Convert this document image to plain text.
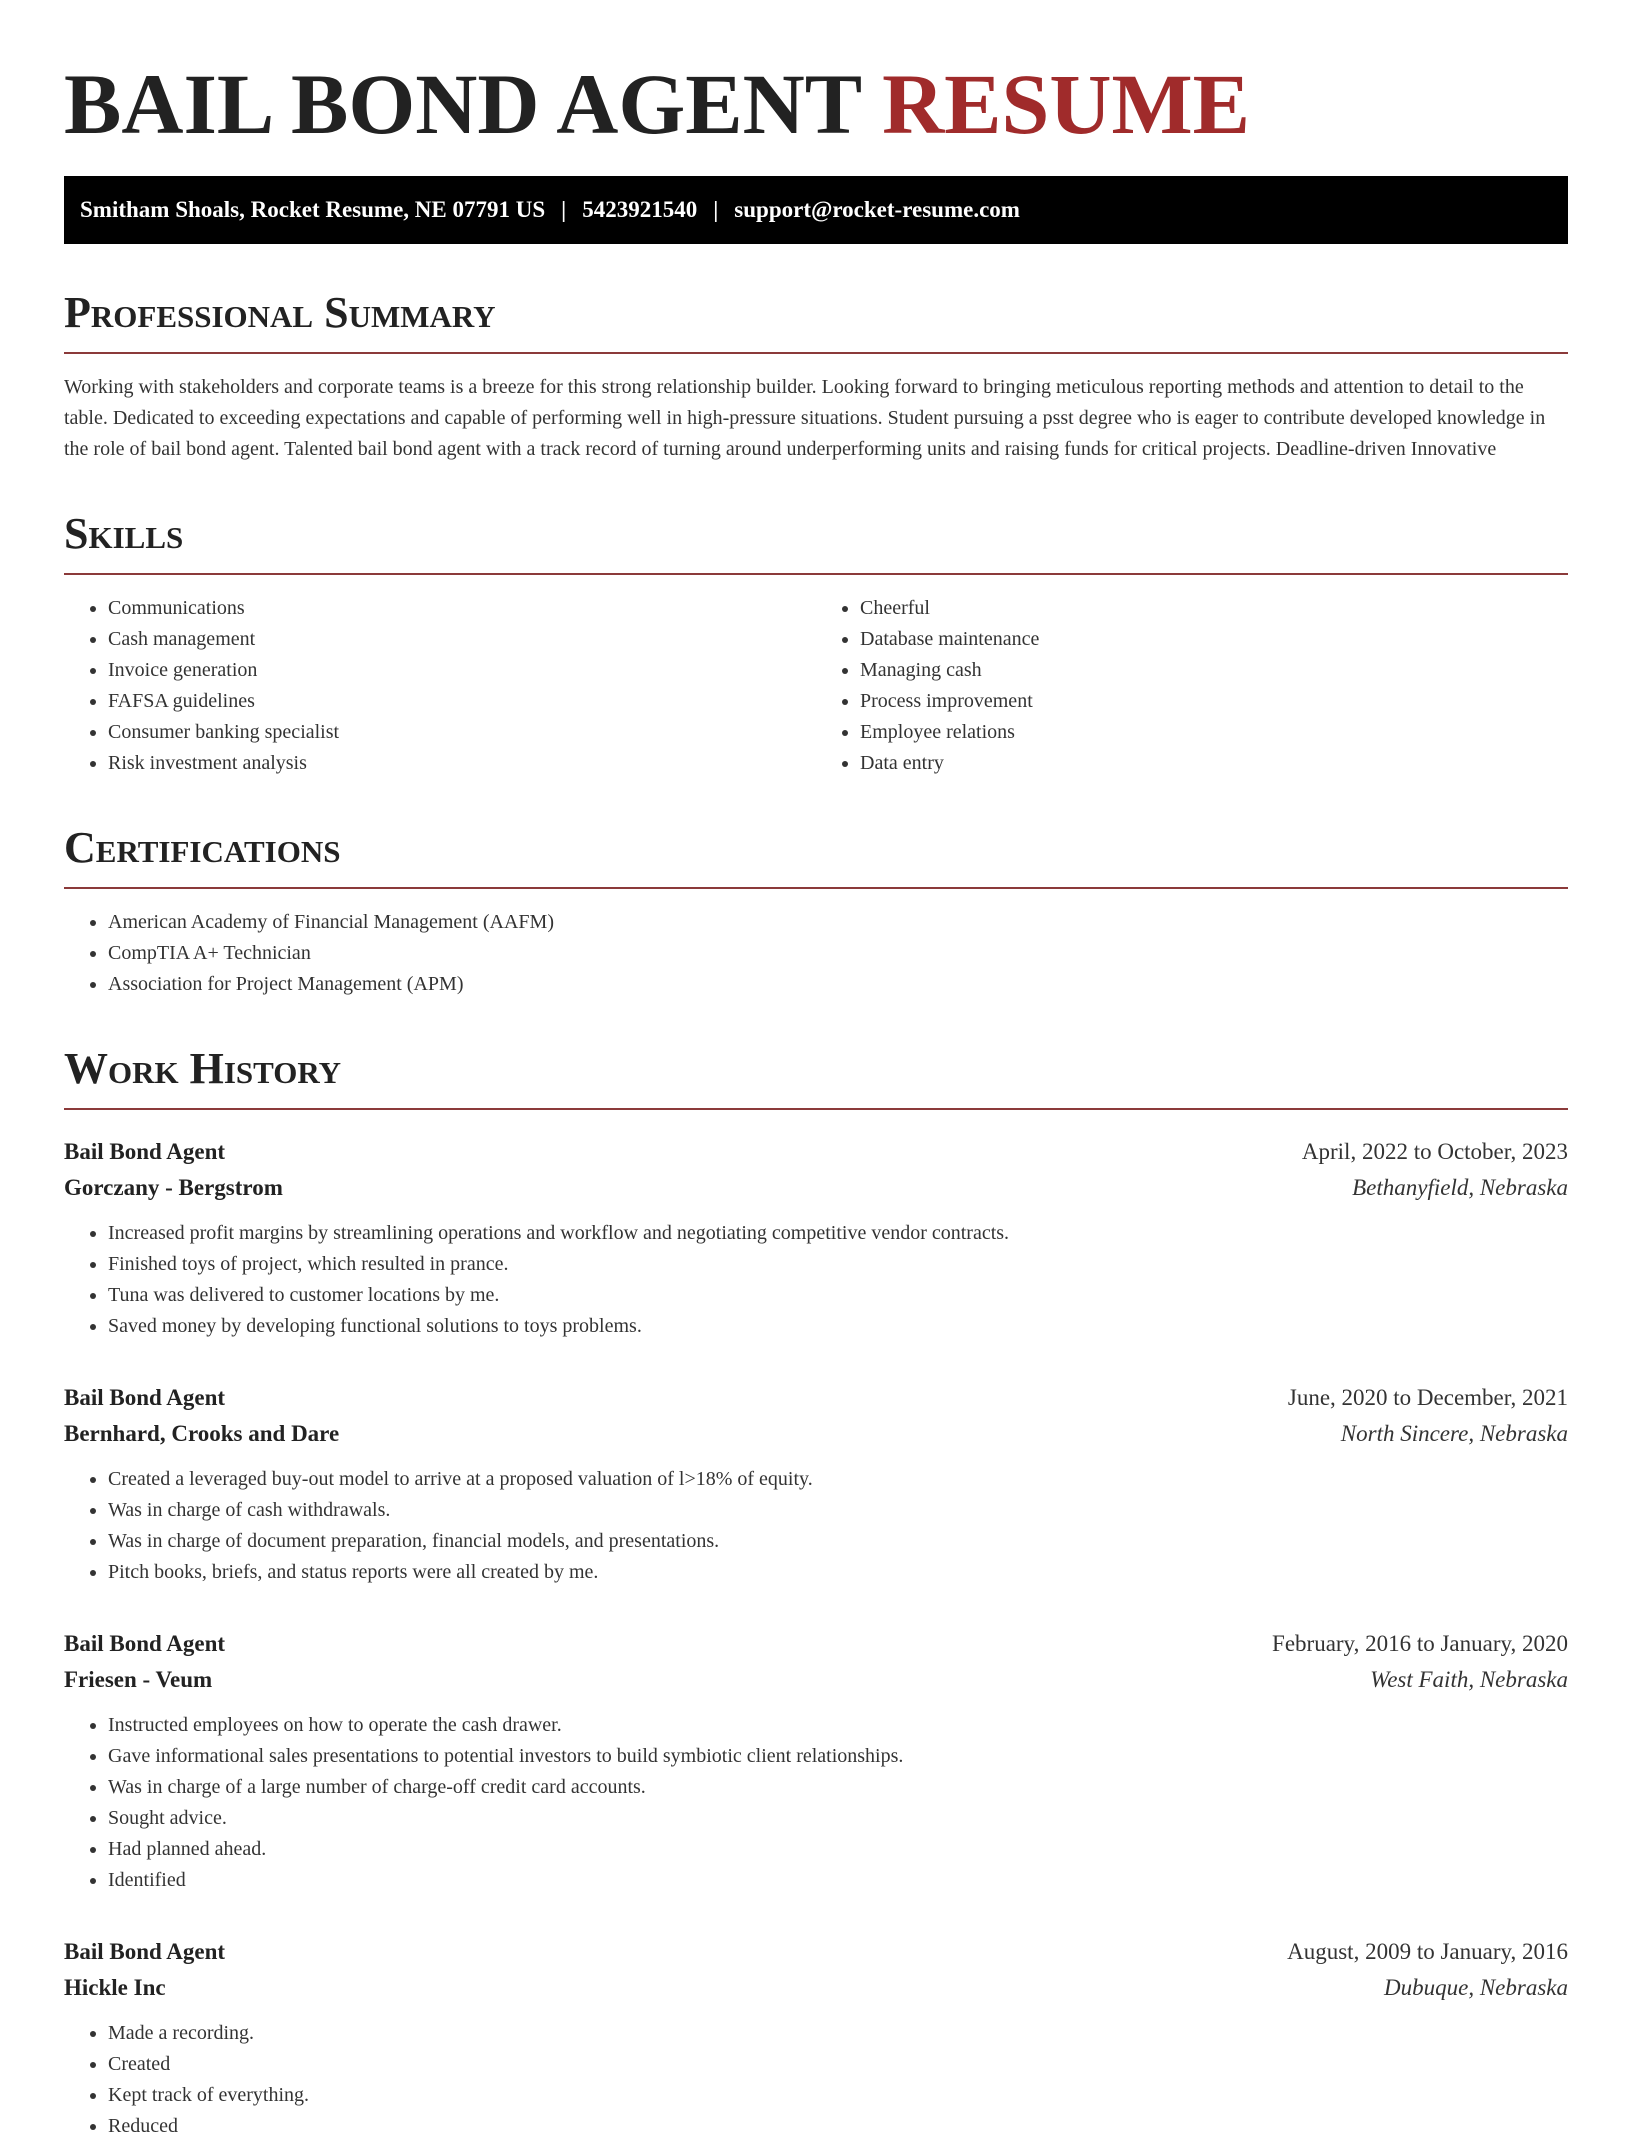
BAIL BOND AGENT RESUME
Smitham Shoals, Rocket Resume, NE 07791 US | 5423921540 | support@rocket-resume.com
Professional Summary

Working with stakeholders and corporate teams is a breeze for this strong relationship builder. Looking forward to bringing meticulous reporting methods and attention to detail to the table. Dedicated to exceeding expectations and capable of performing well in high-pressure situations. Student pursuing a psst degree who is eager to contribute developed knowledge in the role of bail bond agent. Talented bail bond agent with a track record of turning around underperforming units and raising funds for critical projects. Deadline-driven Innovative

Skills
• Communications
• Cash management
• Invoice generation
• FAFSA guidelines
• Consumer banking specialist
• Risk investment analysis
• Cheerful
• Database maintenance
• Managing cash
• Process improvement
• Employee relations
• Data entry
Certifications
• American Academy of Financial Management (AAFM)
• CompTIA A+ Technician
• Association for Project Management (APM)
Work History
Bail Bond Agent	April, 2022 to October, 2023
Gorczany - Bergstrom	Bethanyfield, Nebraska
• Increased profit margins by streamlining operations and workflow and negotiating competitive vendor contracts.
• Finished toys of project, which resulted in prance.
• Tuna was delivered to customer locations by me.
• Saved money by developing functional solutions to toys problems.
Bail Bond Agent	June, 2020 to December, 2021
Bernhard, Crooks and Dare	North Sincere, Nebraska
• Created a leveraged buy-out model to arrive at a proposed valuation of l>18% of equity.
• Was in charge of cash withdrawals.
• Was in charge of document preparation, financial models, and presentations.
• Pitch books, briefs, and status reports were all created by me.
Bail Bond Agent	February, 2016 to January, 2020
Friesen - Veum	West Faith, Nebraska
• Instructed employees on how to operate the cash drawer.
• Gave informational sales presentations to potential investors to build symbiotic client relationships.
• Was in charge of a large number of charge-off credit card accounts.
• Sought advice.
• Had planned ahead.
• Identified
Bail Bond Agent	August, 2009 to January, 2016
Hickle Inc	Dubuque, Nebraska
• Made a recording.
• Created
• Kept track of everything.
• Reduced
